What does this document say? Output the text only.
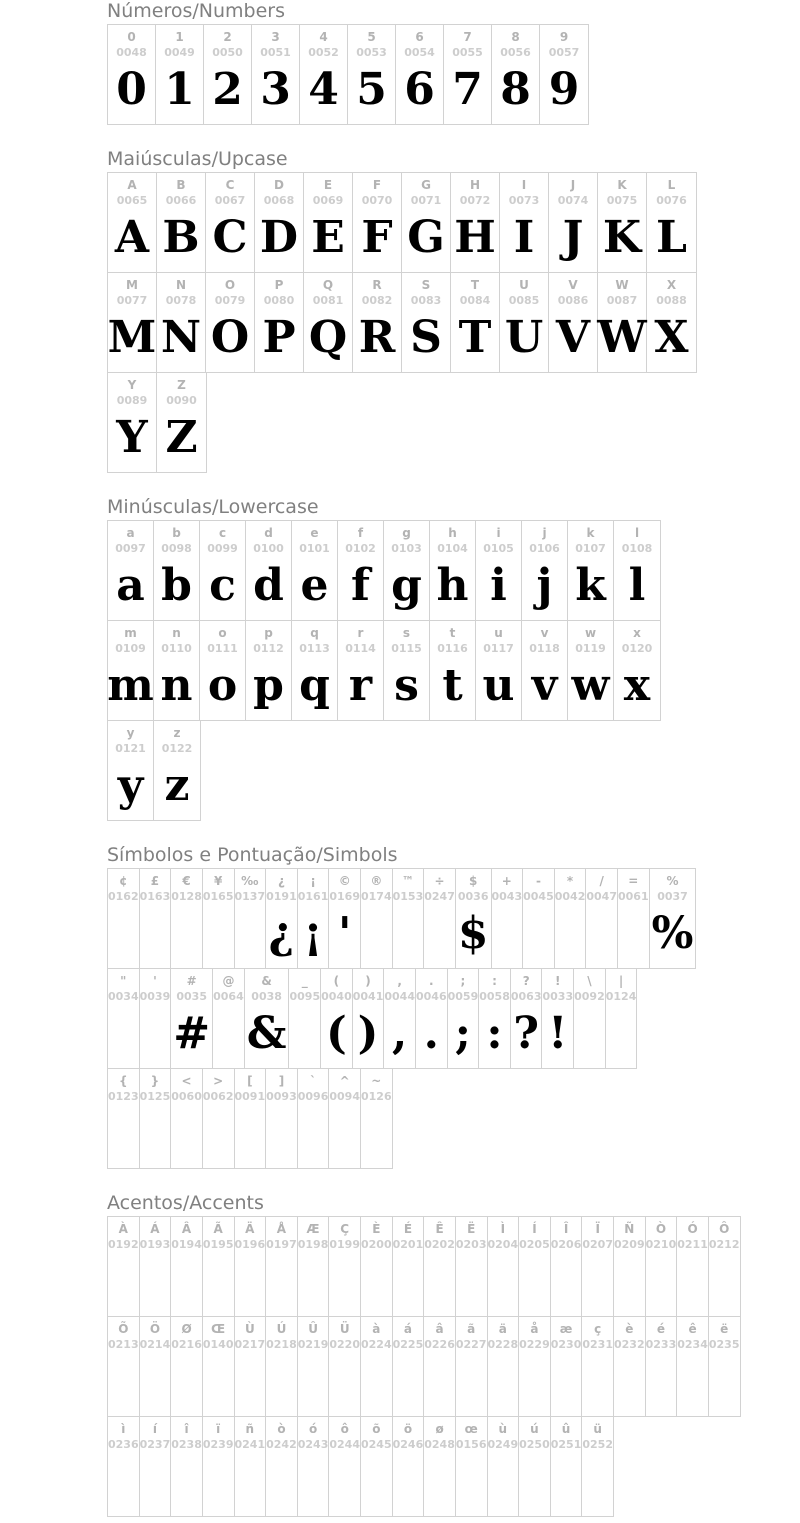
Números/Numbers
0
0048
0
1
0049
1
2
0050
2
3
0051
3
4
0052
4
5
0053
5
6
0054
6
7
0055
7
8
0056
8
9
0057
9
Maiúsculas/Upcase
A
0065
A
B
0066
B
C
0067
C
D
0068
D
E
0069
E
F
0070
F
G
0071
G
H
0072
H
I
0073
I
J
0074
J
K
0075
K
L
0076
L
M
0077
M
N
0078
N
O
0079
O
P
0080
P
Q
0081
Q
R
0082
R
S
0083
S
T
0084
T
U
0085
U
V
0086
V
W
0087
W
X
0088
X
Y
0089
Y
Z
0090
Z
Minúsculas/Lowercase
a
0097
a
b
0098
b
c
0099
c
d
0100
d
e
0101
e
f
0102
f
g
0103
g
h
0104
h
i
0105
i
j
0106
j
k
0107
k
l
0108
l
m
0109
m
n
0110
n
o
0111
o
p
0112
p
q
0113
q
r
0114
r
s
0115
s
t
0116
t
u
0117
u
v
0118
v
w
0119
w
x
0120
x
y
0121
y
z
0122
z
Símbolos e Pontuação/Simbols
¢
0162
£
0163
€
0128
¥
0165
‰
0137
¿
0191
¿
¡
0161
¡
©
0169
'
®
0174
™
0153
÷
0247
$
0036
$
+
0043
-
0045
*
0042
/
0047
=
0061
%
0037
%
"
0034
'
0039
#
0035
#
@
0064
&
0038
&
_
0095
(
0040
(
)
0041
)
,
0044
,
.
0046
.
;
0059
;
:
0058
:
?
0063
?
!
0033
!
\
0092
|
0124
{
0123
}
0125
<
0060
>
0062
[
0091
]
0093
`
0096
^
0094
~
0126
Acentos/Accents
À
0192
Á
0193
Â
0194
Ã
0195
Ä
0196
Å
0197
Æ
0198
Ç
0199
È
0200
É
0201
Ê
0202
Ë
0203
Ì
0204
Í
0205
Î
0206
Ï
0207
Ñ
0209
Ò
0210
Ó
0211
Ô
0212
Õ
0213
Ö
0214
Ø
0216
Œ
0140
Ù
0217
Ú
0218
Û
0219
Ü
0220
à
0224
á
0225
â
0226
ã
0227
ä
0228
å
0229
æ
0230
ç
0231
è
0232
é
0233
ê
0234
ë
0235
ì
0236
í
0237
î
0238
ï
0239
ñ
0241
ò
0242
ó
0243
ô
0244
õ
0245
ö
0246
ø
0248
œ
0156
ù
0249
ú
0250
û
0251
ü
0252
